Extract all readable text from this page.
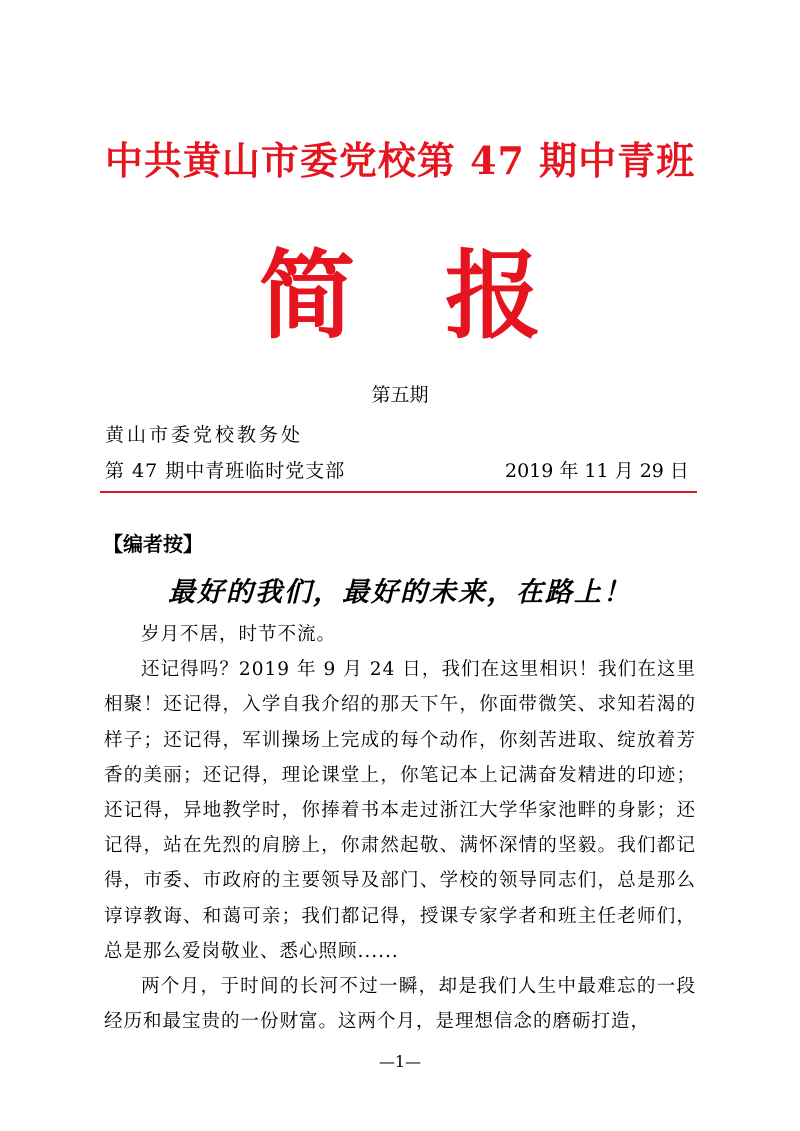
中共黄山市委党校第 47 期中青班
简报
第五期
黄山市委党校教务处
第 47 期中青班临时党支部	2019 年 11 月 29 日
【编者按】
最好的我们，最好的未来，在路上！

岁月不居，时节不流。

还记得吗？2019 年 9 月 24 日，我们在这里相识！我们在这里相聚！还记得，入学自我介绍的那天下午，你面带微笑、求知若渴的样子；还记得，军训操场上完成的每个动作，你刻苦进取、绽放着芳香的美丽；还记得，理论课堂上，你笔记本上记满奋发精进的印迹；还记得，异地教学时，你捧着书本走过浙江大学华家池畔的身影；还记得，站在先烈的肩膀上，你肃然起敬、满怀深情的坚毅。我们都记得，市委、市政府的主要领导及部门、学校的领导同志们，总是那么谆谆教诲、和蔼可亲；我们都记得，授课专家学者和班主任老师们，总是那么爱岗敬业、悉心照顾......

两个月，于时间的长河不过一瞬，却是我们人生中最难忘的一段经历和最宝贵的一份财富。这两个月，是理想信念的磨砺打造，

—1—
